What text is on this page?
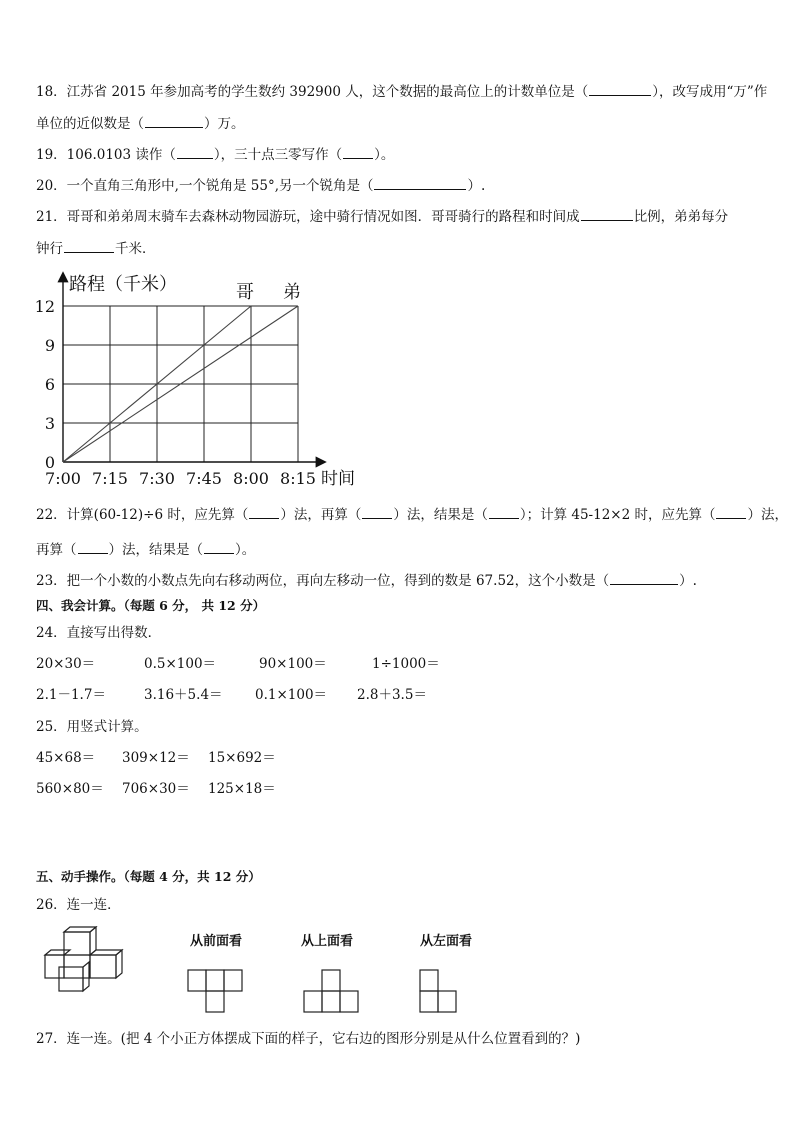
18．江苏省 2015 年参加高考的学生数约 392900 人，这个数据的最高位上的计数单位是（	），改写成用“万”作
单位的近似数是（	）万。
19．106.0103 读作（	），三十点三零写作（ ）。
20．一个直角三角形中,一个锐角是 55°,另一个锐角是（	）.
21．哥哥和弟弟周末骑车去森林动物园游玩，途中骑行情况如图．哥哥骑行的路程和时间成	比例，弟弟每分
钟行	千米．
0
3
6
9
12
7:00 7:15 7:30 7:45 8:00 8:15
路程（千米）
时间
哥 弟
22．计算(60-12)÷6 时，应先算（ ）法，再算（ ）法，结果是（ ）；计算 45-12×2 时，应先算（ ）法，
再算（ ）法，结果是（ ）。
23．把一个小数的小数点先向右移动两位，再向左移动一位，得到的数是 67.52，这个小数是（	）.
四、我会计算。（每题 6 分， 共 12 分）
24．直接写出得数．
20×30＝	0.5×100＝	90×100＝	1÷1000＝
2.1－1.7＝	3.16＋5.4＝ 0.1×100＝ 2.8＋3.5＝
25．用竖式计算。
45×68＝ 309×12＝ 15×692＝
560×80＝ 706×30＝ 125×18＝
五、动手操作。（每题 4 分，共 12 分）
26．连一连．
从前面看	从上面看	从左面看
27．连一连。(把 4 个小正方体摆成下面的样子，它右边的图形分别是从什么位置看到的？)
